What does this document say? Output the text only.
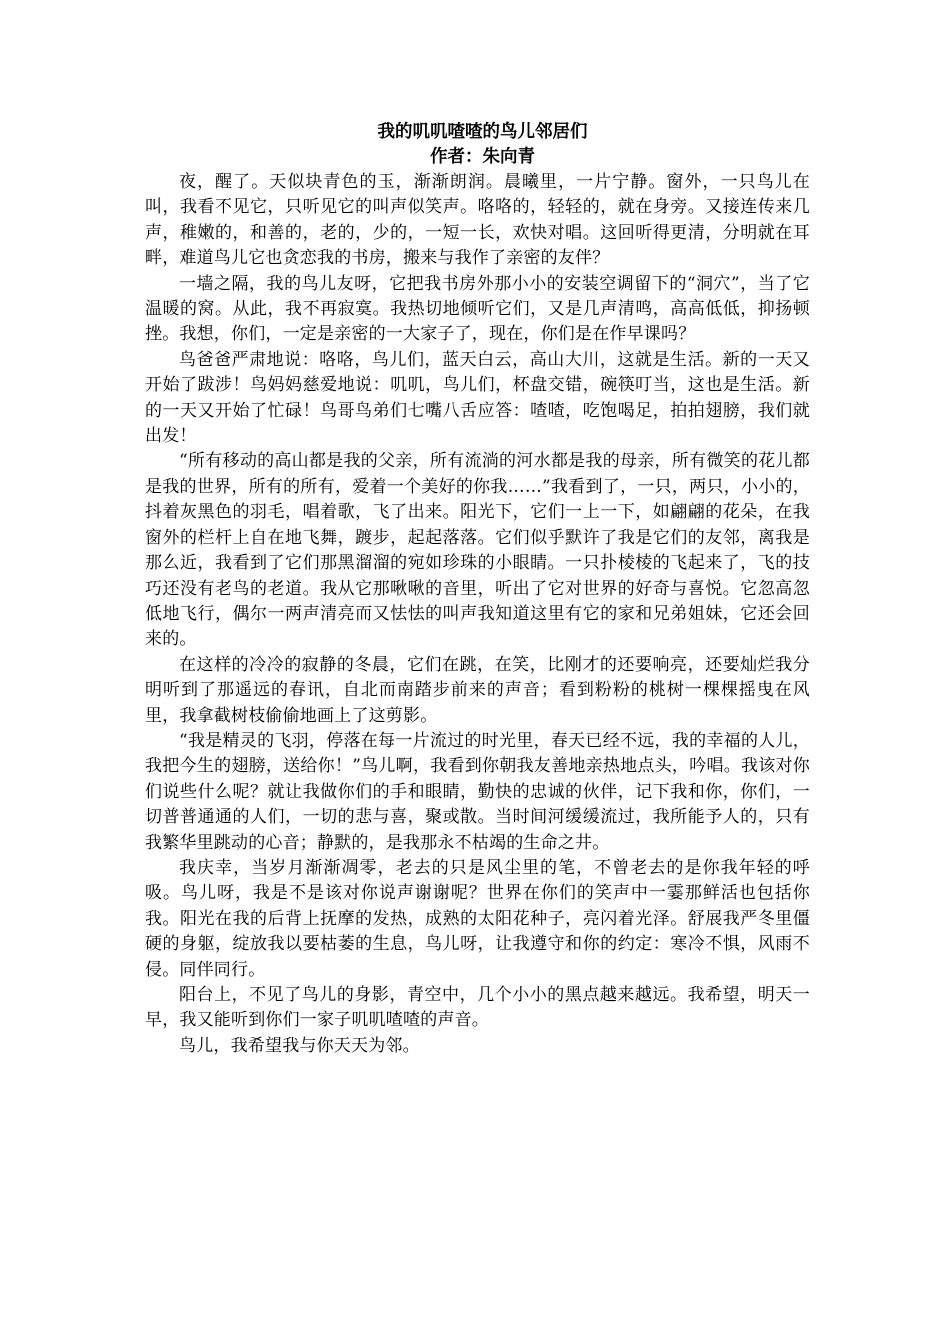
我的叽叽喳喳的鸟儿邻居们

作者：朱向青

夜，醒了。天似块青色的玉，渐渐朗润。晨曦里，一片宁静。窗外，一只鸟儿在叫，我看不见它，只听见它的叫声似笑声。咯咯的，轻轻的，就在身旁。又接连传来几声，稚嫩的，和善的，老的，少的，一短一长，欢快对唱。这回听得更清，分明就在耳畔，难道鸟儿它也贪恋我的书房，搬来与我作了亲密的友伴？

一墙之隔，我的鸟儿友呀，它把我书房外那小小的安装空调留下的“洞穴”，当了它温暖的窝。从此，我不再寂寞。我热切地倾听它们，又是几声清鸣，高高低低，抑扬顿挫。我想，你们，一定是亲密的一大家子了，现在，你们是在作早课吗？

鸟爸爸严肃地说：咯咯，鸟儿们，蓝天白云，高山大川，这就是生活。新的一天又开始了跋涉！鸟妈妈慈爱地说：叽叽，鸟儿们，杯盘交错，碗筷叮当，这也是生活。新的一天又开始了忙碌！鸟哥鸟弟们七嘴八舌应答：喳喳，吃饱喝足，拍拍翅膀，我们就出发！

“所有移动的高山都是我的父亲，所有流淌的河水都是我的母亲，所有微笑的花儿都是我的世界，所有的所有，爱着一个美好的你我……”我看到了，一只，两只，小小的，抖着灰黑色的羽毛，唱着歌，飞了出来。阳光下，它们一上一下，如翩翩的花朵，在我窗外的栏杆上自在地飞舞，踱步，起起落落。它们似乎默许了我是它们的友邻，离我是那么近，我看到了它们那黑溜溜的宛如珍珠的小眼睛。一只扑棱棱的飞起来了，飞的技巧还没有老鸟的老道。我从它那啾啾的音里，听出了它对世界的好奇与喜悦。它忽高忽低地飞行，偶尔一两声清亮而又怯怯的叫声我知道这里有它的家和兄弟姐妹，它还会回来的。

在这样的冷冷的寂静的冬晨，它们在跳，在笑，比刚才的还要响亮，还要灿烂我分明听到了那遥远的春讯，自北而南踏步前来的声音；看到粉粉的桃树一棵棵摇曳在风里，我拿截树枝偷偷地画上了这剪影。

“我是精灵的飞羽，停落在每一片流过的时光里，春天已经不远，我的幸福的人儿，我把今生的翅膀，送给你！”鸟儿啊，我看到你朝我友善地亲热地点头，吟唱。我该对你们说些什么呢？就让我做你们的手和眼睛，勤快的忠诚的伙伴，记下我和你，你们，一切普普通通的人们，一切的悲与喜，聚或散。当时间河缓缓流过，我所能予人的，只有我繁华里跳动的心音；静默的，是我那永不枯竭的生命之井。

我庆幸，当岁月渐渐凋零，老去的只是风尘里的笔，不曾老去的是你我年轻的呼吸。鸟儿呀，我是不是该对你说声谢谢呢？世界在你们的笑声中一霎那鲜活也包括你我。阳光在我的后背上抚摩的发热，成熟的太阳花种子，亮闪着光泽。舒展我严冬里僵硬的身躯，绽放我以要枯萎的生息，鸟儿呀，让我遵守和你的约定：寒冷不惧，风雨不侵。同伴同行。

阳台上，不见了鸟儿的身影，青空中，几个小小的黑点越来越远。我希望，明天一早，我又能听到你们一家子叽叽喳喳的声音。

鸟儿，我希望我与你天天为邻。
